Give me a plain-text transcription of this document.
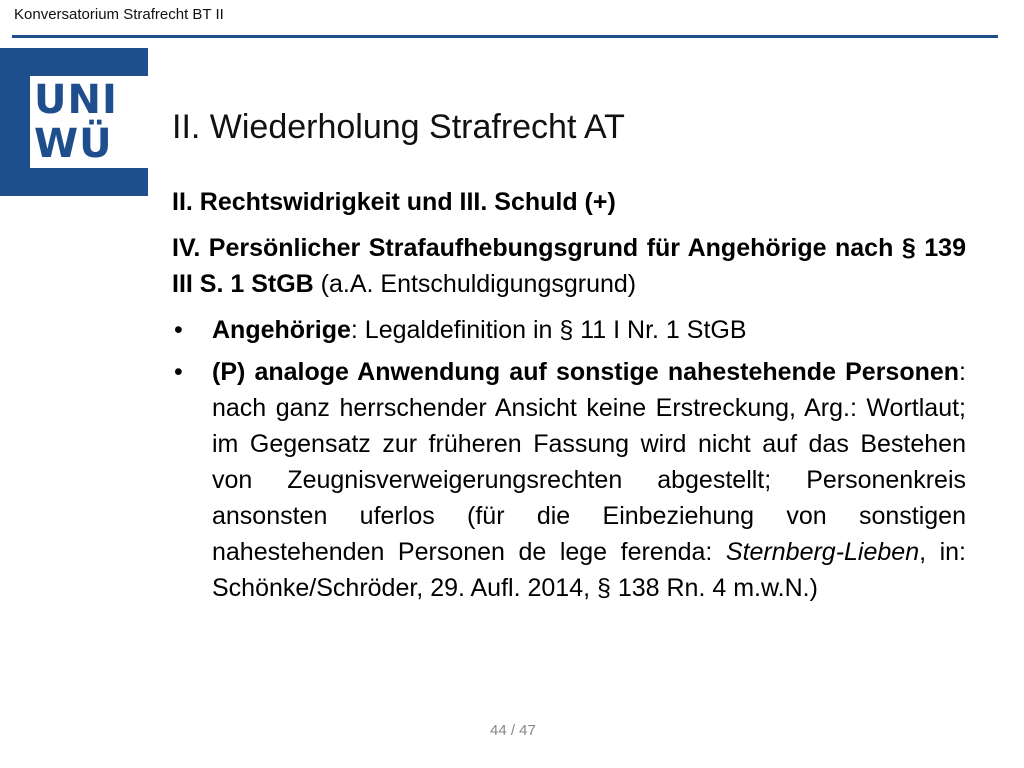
Konversatorium Strafrecht BT II
UNI
WÜ II. Wiederholung Strafrecht AT

II. Rechtswidrigkeit und III. Schuld (+)

IV. Persönlicher Strafaufhebungsgrund für Angehörige nach § 139 III S. 1 StGB (a.A. Entschuldigungsgrund)

• Angehörige: Legaldefinition in § 11 I Nr. 1 StGB
• (P) analoge Anwendung auf sonstige nahestehende Personen: nach ganz herrschender Ansicht keine Erstreckung, Arg.: Wortlaut; im Gegensatz zur früheren Fassung wird nicht auf das Bestehen von Zeugnisverweigerungsrechten abgestellt; Personenkreis ansonsten uferlos (für die Einbeziehung von sonstigen nahestehenden Personen de lege ferenda: Sternberg-Lieben, in: Schönke/Schröder, 29. Aufl. 2014, § 138 Rn. 4 m.w.N.)
44 / 47
